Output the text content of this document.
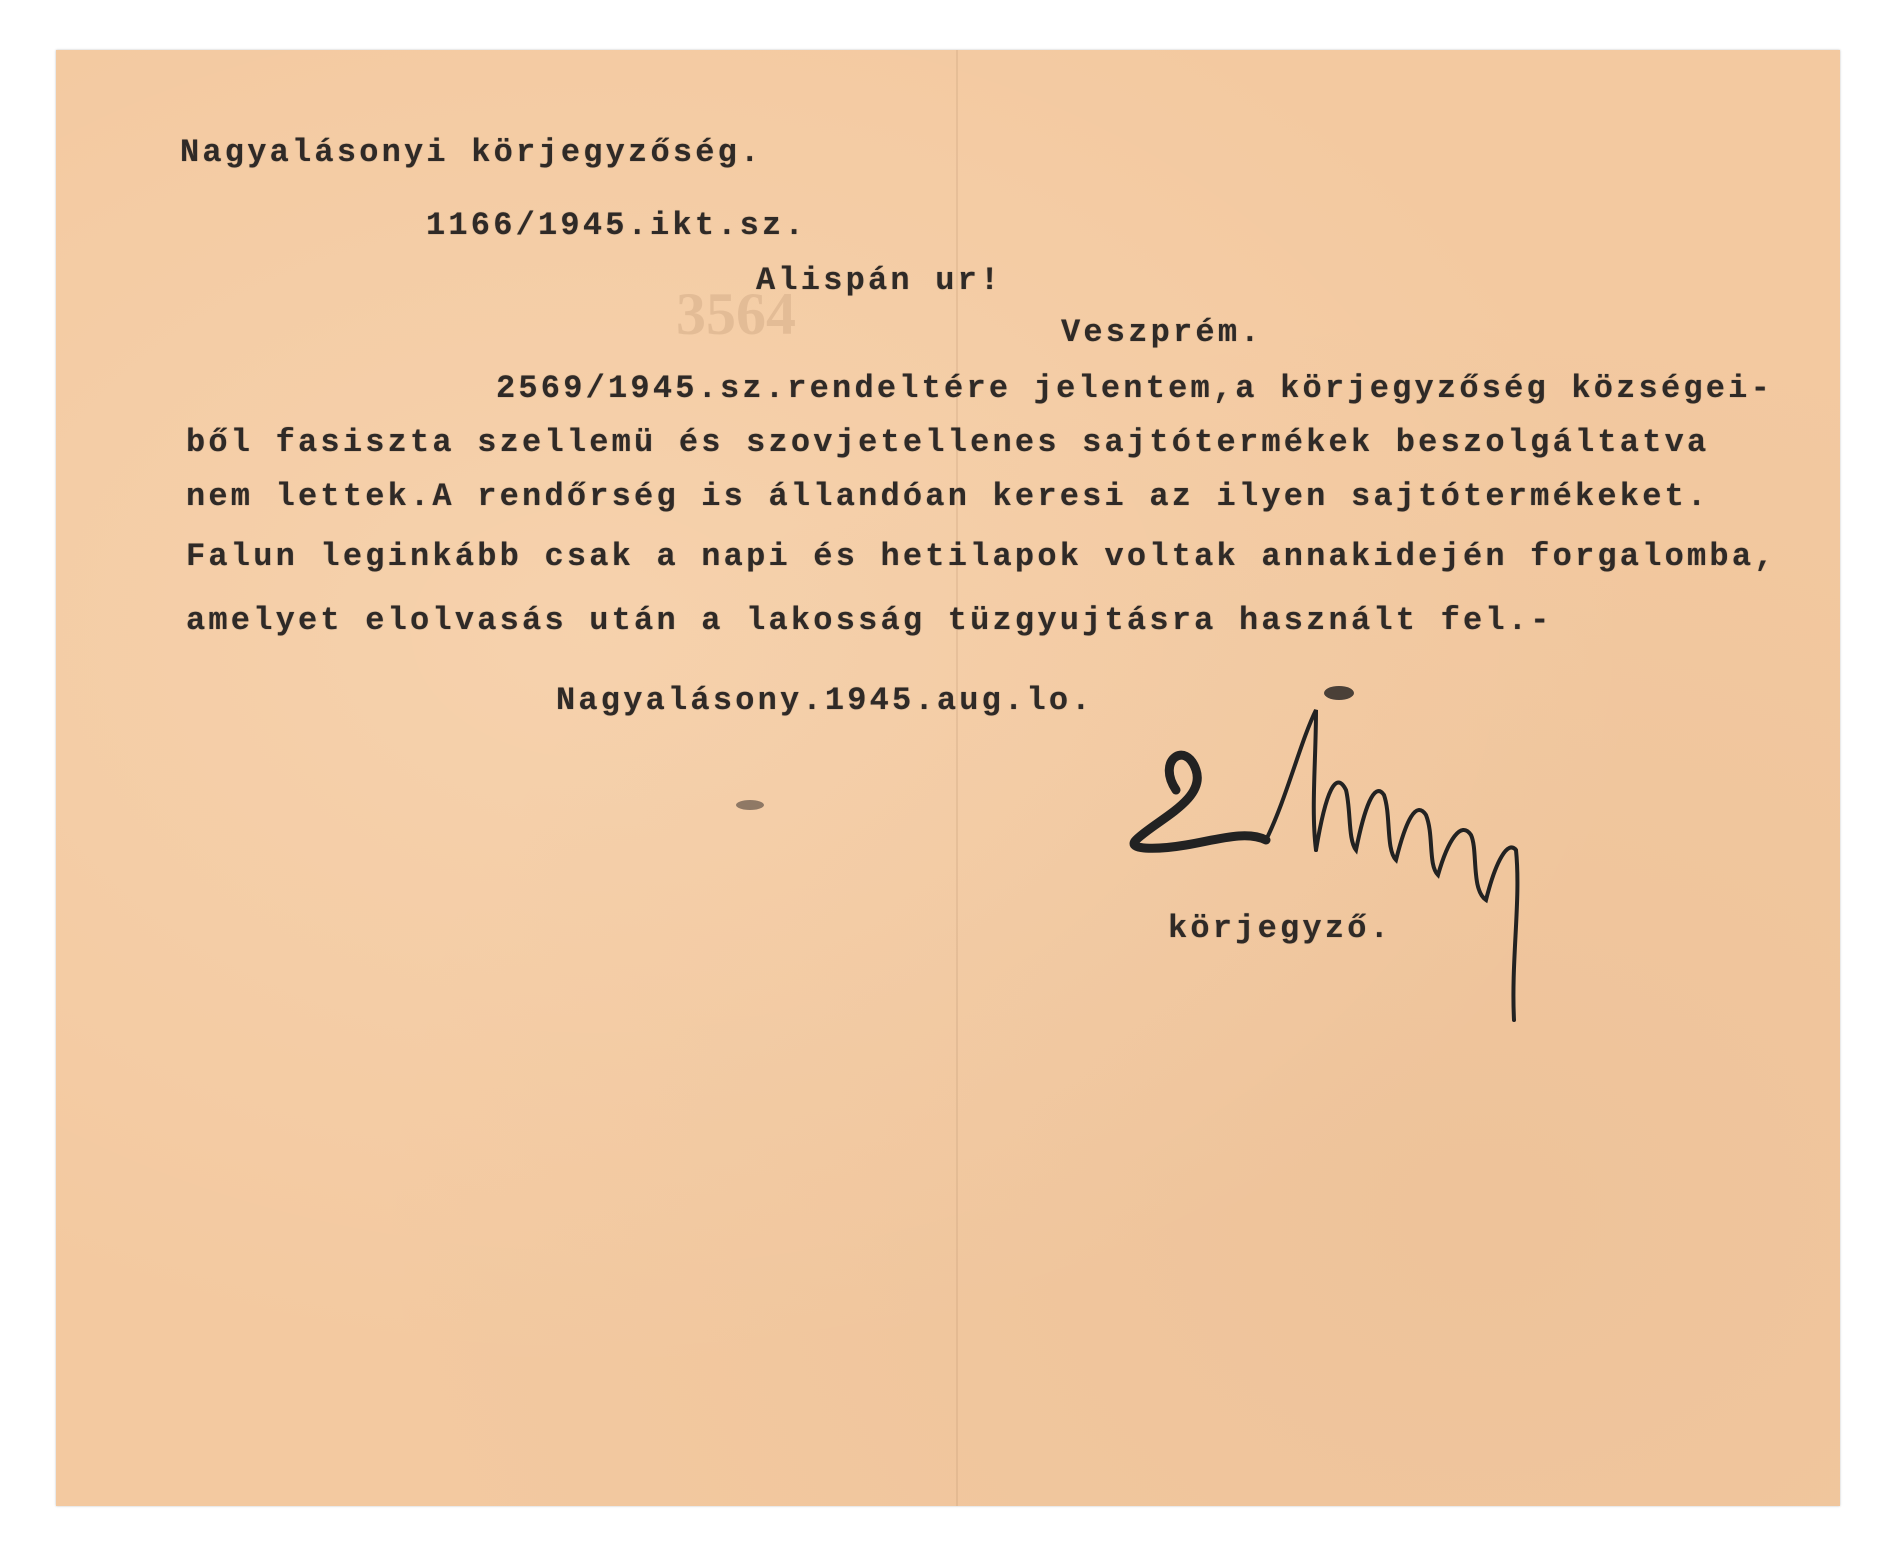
3564
Nagyalásonyi körjegyzőség.
1166/1945.ikt.sz.
Alispán ur!
Veszprém.
2569/1945.sz.rendeltére jelentem,a körjegyzőség községei-
ből fasiszta szellemü és szovjetellenes sajtótermékek beszolgáltatva
nem lettek.A rendőrség is állandóan keresi az ilyen sajtótermékeket.
Falun leginkább csak a napi és hetilapok voltak annakidején forgalomba,
amelyet elolvasás után a lakosság tüzgyujtásra használt fel.-
Nagyalásony.1945.aug.lo.
körjegyző.
